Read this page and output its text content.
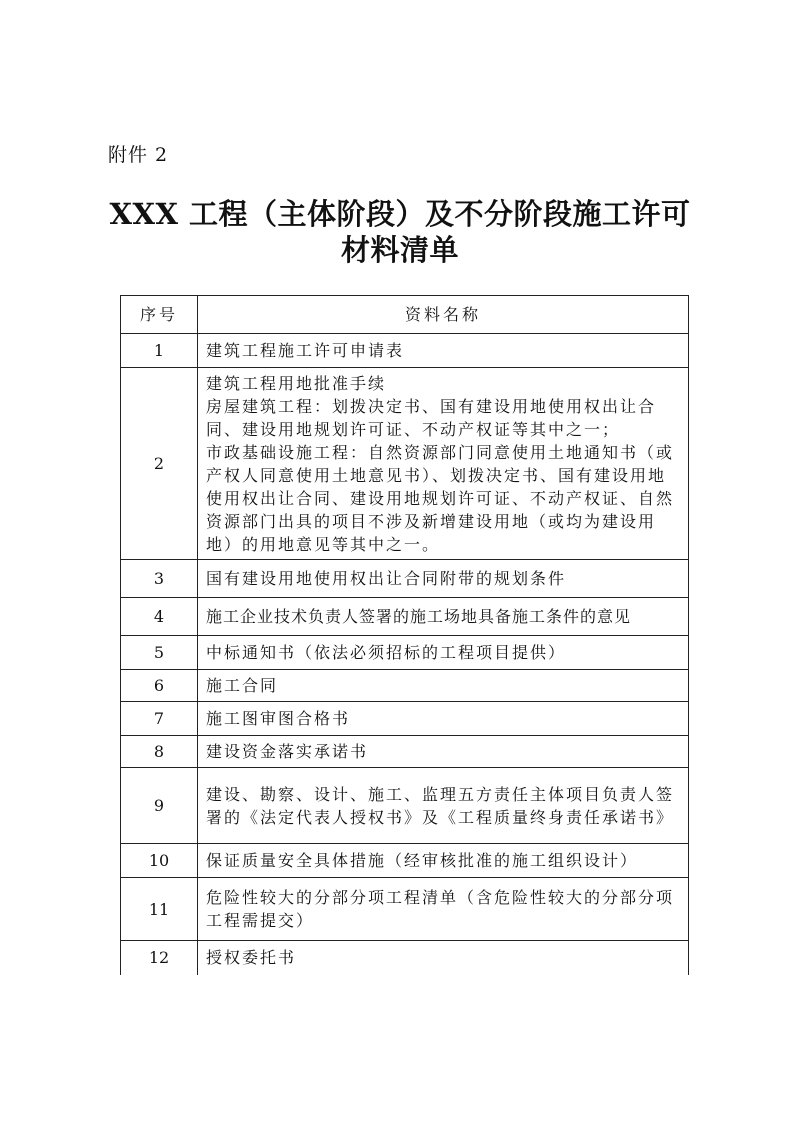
附件 2
XXX 工程（主体阶段）及不分阶段施工许可
材料清单
序号	资料名称
1	建筑工程施工许可申请表

2	建筑工程用地批准手续
房屋建筑工程：划拨决定书、国有建设用地使用权出让合同、建设用地规划许可证、不动产权证等其中之一；
市政基础设施工程：自然资源部门同意使用土地通知书（或产权人同意使用土地意见书）、划拨决定书、国有建设用地使用权出让合同、建设用地规划许可证、不动产权证、自然资源部门出具的项目不涉及新增建设用地（或均为建设用地）的用地意见等其中之一。

3	国有建设用地使用权出让合同附带的规划条件

4	施工企业技术负责人签署的施工场地具备施工条件的意见

5	中标通知书（依法必须招标的工程项目提供）

6	施工合同

7	施工图审图合格书

8	建设资金落实承诺书

9	建设、勘察、设计、施工、监理五方责任主体项目负责人签署的《法定代表人授权书》及《工程质量终身责任承诺书》

10	保证质量安全具体措施（经审核批准的施工组织设计）

11	危险性较大的分部分项工程清单（含危险性较大的分部分项工程需提交）

12	授权委托书
